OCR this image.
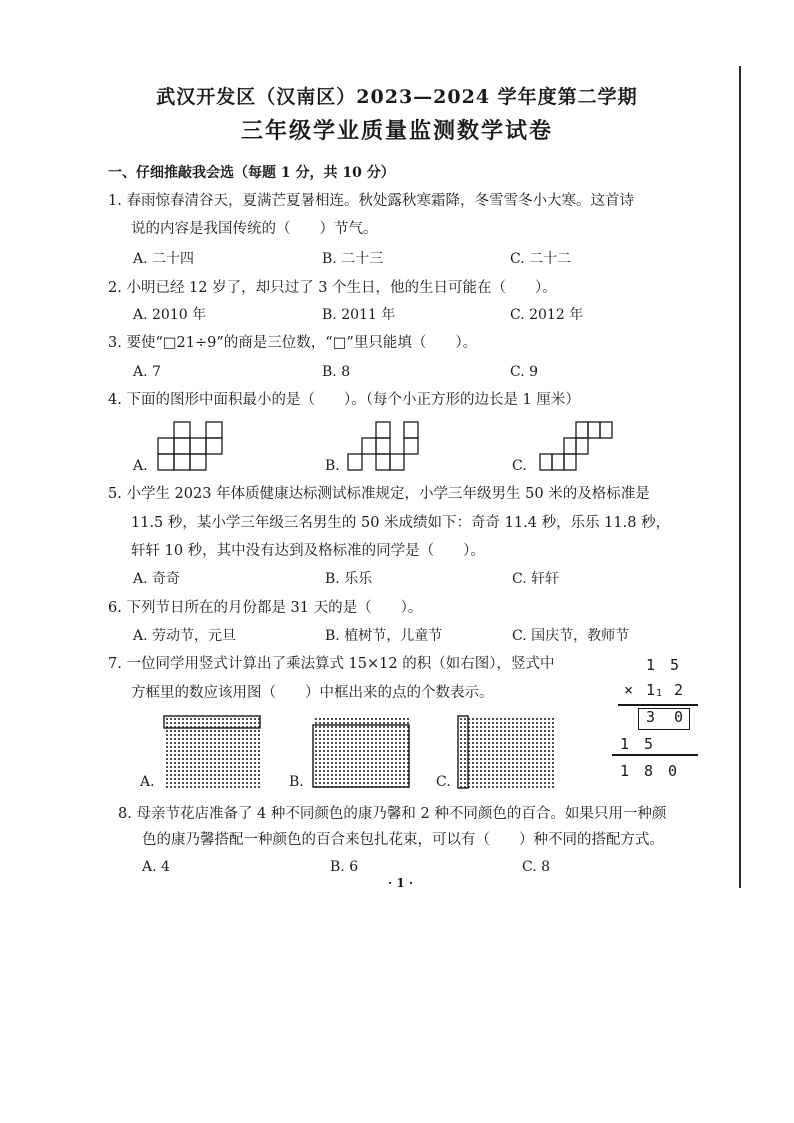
武汉开发区（汉南区）2023—2024 学年度第二学期
三年级学业质量监测数学试卷
一、仔细推敲我会选（每题 1 分，共 10 分）
1. 春雨惊春清谷天，夏满芒夏暑相连。秋处露秋寒霜降，冬雪雪冬小大寒。这首诗
说的内容是我国传统的（　　）节气。
A. 二十四	B. 二十三	C. 二十二
2. 小明已经 12 岁了，却只过了 3 个生日，他的生日可能在（　　）。
A. 2010 年	B. 2011 年	C. 2012 年
3. 要使“□21÷9”的商是三位数，“□”里只能填（　　）。
A. 7	B. 8	C. 9
4. 下面的图形中面积最小的是（　　）。（每个小正方形的边长是 1 厘米）
A.	B.	C.
5. 小学生 2023 年体质健康达标测试标准规定，小学三年级男生 50 米的及格标准是
11.5 秒，某小学三年级三名男生的 50 米成绩如下：奇奇 11.4 秒，乐乐 11.8 秒，
轩轩 10 秒，其中没有达到及格标准的同学是（　　）。
A. 奇奇	B. 乐乐	C. 轩轩
6. 下列节日所在的月份都是 31 天的是（　　）。
A. 劳动节，元旦	B. 植树节，儿童节	C. 国庆节，教师节
7. 一位同学用竖式计算出了乘法算式 15×12 的积（如右图），竖式中
方框里的数应该用图（　　）中框出来的点的个数表示。
1　5
× 1 1 2
3 0
1　5
1　8　0
A.	B.	C.
8. 母亲节花店准备了 4 种不同颜色的康乃馨和 2 种不同颜色的百合。如果只用一种颜
色的康乃馨搭配一种颜色的百合来包扎花束，可以有（　　）种不同的搭配方式。
A. 4	B. 6	C. 8
· 1 ·
